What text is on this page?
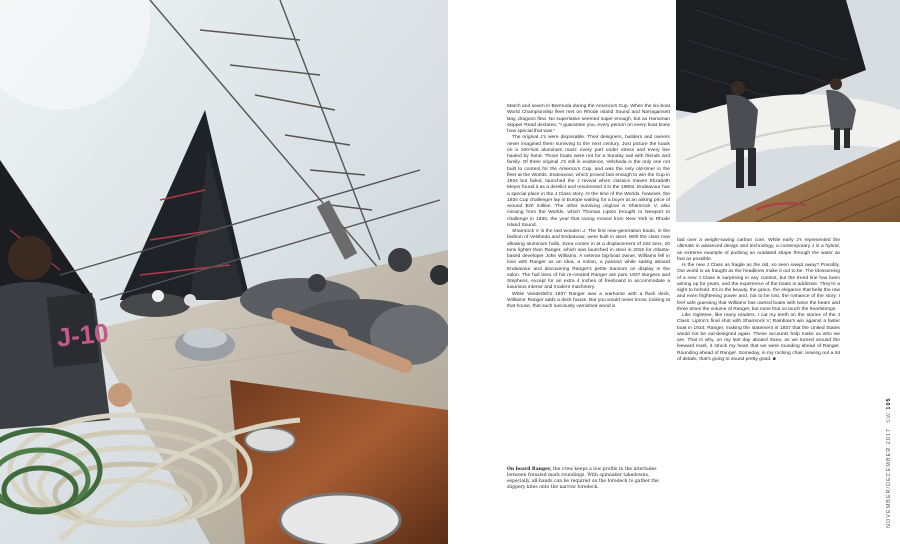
J-10

March and seven in Bermuda during the America's Cup. When the six-boat World Championship fleet met on Rhode Island Sound and Narragansett Bay, dragons flew. No superlative seemed super enough, but as Hanuman skipper Read declares, "I guarantee you, every person on every boat knew how special that was."

The original J's were disposable. Their designers, builders and owners never imagined them surviving to the next century. Just picture the loads on a 160-foot aluminum mast: every part under stress and every line hauled by hand. Those boats were not for a Sunday sail with friends and family. Of three original J's still in existence, Velsheda is the only one not built to contest for the America's Cup, and was the only old-timer in the fleet at the Worlds. Endeavour, which proved fast enough to win the Cup in 1934 but failed, launched the J revival when classics maven Elizabeth Meyer found it as a derelict and resurrected it in the 1980s. Endeavour has a special place in the J Class story. At the time of the Worlds, however, the 1934 Cup challenger lay in Europe waiting for a buyer at an asking price of around $20 million. The other surviving original is Shamrock V, also missing from the Worlds, which Thomas Lipton brought to Newport to challenge in 1930, the year that racing moved from New York to Rhode Island Sound.

Shamrock V is the last wooden J. The first new-generation boats, in the fashion of Velsheda and Endeavour, were built in steel. With the class now allowing aluminum hulls, Svea comes in at a displacement of 182 tons, 20 tons lighter than Ranger, which was launched in steel in 2015 for Atlanta-based developer John Williams. A veteran big-boat owner, Williams fell in love with Ranger as an idea, a notion, a passion while sailing aboard Endeavour and discovering Ranger's petite transom on display in the salon. The hull lines of his re-created Ranger are pure 1937 Burgess and Stephens, except for an extra 4 inches of freeboard to accommodate a luxurious interior and modern machinery.

While Vanderbilt's 1937 Ranger was a warhorse with a flush deck, Williams' Ranger adds a deck house. But you would never know, looking at that house, that such lusciously varnished wood is

laid over a weight-saving carbon core. While early J's represented the ultimate in advanced design and technology, a contemporary J is a hybrid, an extreme example of pushing an outdated shape through the water as fast as possible.

Is the new J Class as fragile as the old, so seen swept away? Possibly. Our world is as fraught as the headlines make it out to be. The blossoming of a new J Class is surprising in any context, but the trend line has been aiming up for years, and the experience of the boats is addictive. They're a sight to behold. It's in the beauty, the grace, the elegance that belie the raw and even frightening power and, not to be lost, the romance of the story. I feel safe guessing that Williams has owned boats with twice the beam and three times the volume of Ranger, but none that so touch the heartstrings.

Like Ogletree, like many readers, I cut my teeth on the stories of the J Class: Lipton's final shot with Shamrock V; Rainbow's win against a faster boat in 1934; Ranger, making the statement in 1937 that the United States would not be out-designed again. These accounts help make us who we are. That is why, on my last day aboard Svea, as we turned around the leeward mark, it struck my heart that we were rounding ahead of Ranger. Rounding ahead of Ranger. Someday, in my rocking chair, leaving out a lot of details, that's going to sound pretty good. ■

On board Ranger, the crew keeps a low profile in the interludes between frenzied mark roundings. With spinnaker takedowns, especially, all-hands can be required on the foredeck to gather the slippery kites onto the narrow foredeck.	NOVEMBER/DECEMBER 2017  SW 105
